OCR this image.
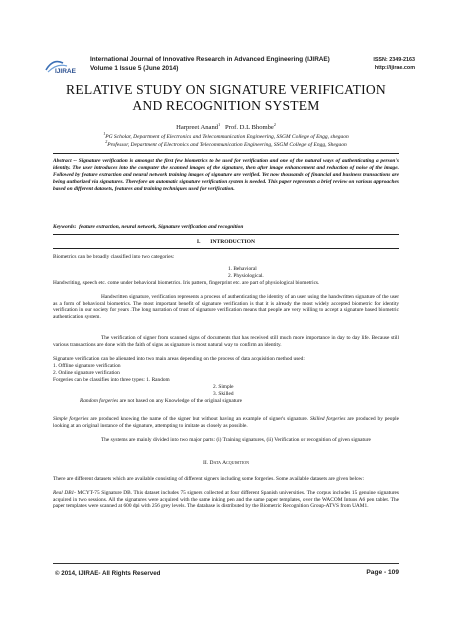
IJIRAE
International Journal of Innovative Research in Advanced Engineering (IJIRAE)
Volume 1 Issue 5 (June 2014)
ISSN: 2349-2163
http://ijirae.com
RELATIVE STUDY ON SIGNATURE VERIFICATION
AND RECOGNITION SYSTEM
Harpreet Anand$^1$ Prof. D.L Bhombe$^2$
$^1$PG Scholar, Department of Electronics and Telecommunication Engineering, SSGM College of Engg, shegaon
$^2$Professor, Department of Electronics and Telecommunication Engineering, SSGM College of Engg, Shegaon
Abstract -- Signature verification is amongst the first few biometrics to be used for verification and one of the natural ways of authenticating a person's identity. The user introduces into the computer the scanned images of the signature, then after image enhancement and reduction of noise of the image. Followed by feature extraction and neural network training images of signature are verified. Yet now thousands of financial and business transactions are being authorized via signatures. Therefore an automatic signature verification system is needed. This paper represents a brief review on various approaches based on different datasets, features and training techniques used for verification.
Keywords: feature extraction, neural network, Signature verification and recognition
I. INTRODUCTION
Biometrics can be broadly classified into two categories:
1. Behavioral
2. Physiological.
Handwriting, speech etc. come under behavioral biometrics. Iris pattern, fingerprint etc. are part of physiological biometrics.
Handwritten signature, verification represents a process of authenticating the identity of an user using the handwritten signature of the user as a form of behavioral biometrics. The most important benefit of signature verification is that it is already the most widely accepted biometric for identity verification in our society for years .The long narration of trust of signature verification means that people are very willing to accept a signature based biometric authentication system.
The verification of signer from scanned signs of documents that has received still much more importance in day to day life. Because still various transactions are done with the faith of signs as signature is most natural way to confirm an identity.
Signature verification can be alienated into two main areas depending on the process of data acquisition method used:
1. Offline signature verification
2. Online signature verification
Forgeries can be classifies into three types: 1. Random
2. Simple
3. Skilled
Random forgeries are not based on any Knowledge of the original signature
Simple forgeries are produced knowing the name of the signer but without having an example of signer's signature. Skilled forgeries are produced by people looking at an original instance of the signature, attempting to imitate as closely as possible.
The systems are mainly divided into two major parts: (i) Training signatures, (ii) Verification or recognition of given signature
II. Data Acquisition
There are different datasets which are available consisting of different signers including some forgeries. Some available datasets are given below:
Real DB1- MCYT-75 Signature DB. This dataset includes 75 signers collected at four different Spanish universities. The corpus includes 15 genuine signatures acquired in two sessions. All the signatures were acquired with the same inking pen and the same paper templates, over the WACOM Intuos A6 pen tablet. The paper templates were scanned at 600 dpi with 256 grey levels. The database is distributed by the Biometric Recognition Group-ATVS from UAM1.
© 2014, IJIRAE- All Rights Reserved	Page - 109
